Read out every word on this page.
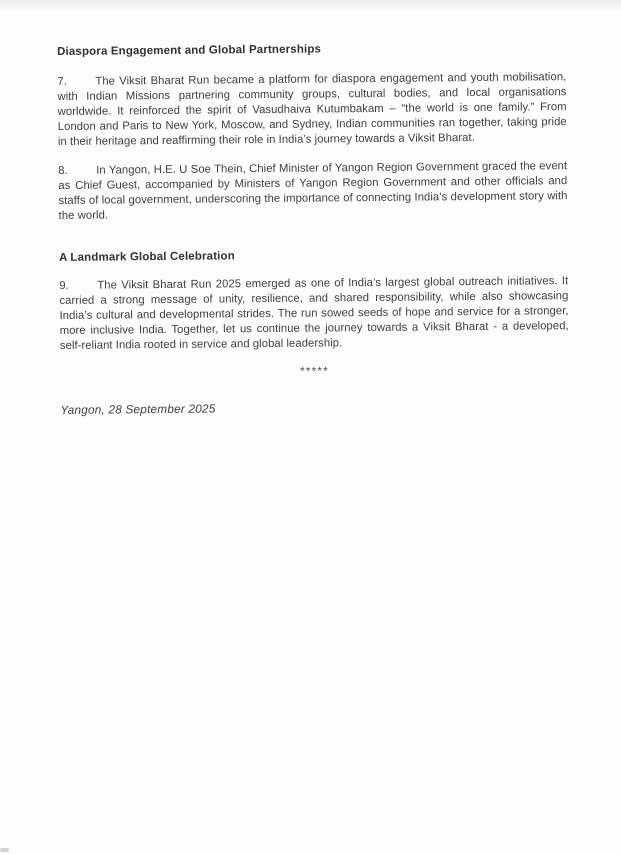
Diaspora Engagement and Global Partnerships

7.	The Viksit Bharat Run became a platform for diaspora engagement and youth mobilisation, with Indian Missions partnering community groups, cultural bodies, and local organisations worldwide. It reinforced the spirit of Vasudhaiva Kutumbakam – “the world is one family.” From London and Paris to New York, Moscow, and Sydney, Indian communities ran together, taking pride in their heritage and reaffirming their role in India’s journey towards a Viksit Bharat.

8.	In Yangon, H.E. U Soe Thein, Chief Minister of Yangon Region Government graced the event as Chief Guest, accompanied by Ministers of Yangon Region Government and other officials and staffs of local government, underscoring the importance of connecting India’s development story with the world.

A Landmark Global Celebration

9.	The Viksit Bharat Run 2025 emerged as one of India’s largest global outreach initiatives. It carried a strong message of unity, resilience, and shared responsibility, while also showcasing India’s cultural and developmental strides. The run sowed seeds of hope and service for a stronger, more inclusive India. Together, let us continue the journey towards a Viksit Bharat - a developed, self-reliant India rooted in service and global leadership.

*****
Yangon, 28 September 2025
